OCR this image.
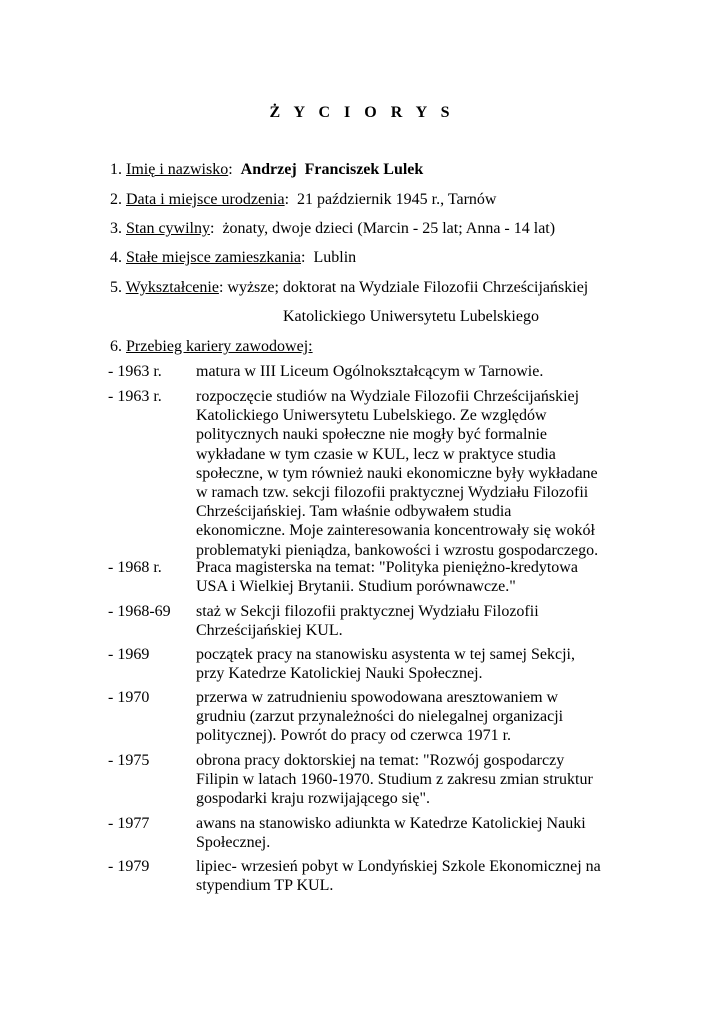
Ż Y C I O R Y S
1. Imię i nazwisko: Andrzej  Franciszek Lulek
2. Data i miejsce urodzenia: 21 październik 1945 r., Tarnów
3. Stan cywilny: żonaty, dwoje dzieci (Marcin - 25 lat; Anna - 14 lat)
4. Stałe miejsce zamieszkania: Lublin
5. Wykształcenie: wyższe; doktorat na Wydziale Filozofii Chrześcijańskiej
Katolickiego Uniwersytetu Lubelskiego
6. Przebieg kariery zawodowej:
- 1963 r. matura w III Liceum Ogólnokształcącym w Tarnowie.
- 1963 r. rozpoczęcie studiów na Wydziale Filozofii Chrześcijańskiej
Katolickiego Uniwersytetu Lubelskiego. Ze względów
politycznych nauki społeczne nie mogły być formalnie
wykładane w tym czasie w KUL, lecz w praktyce studia
społeczne, w tym również nauki ekonomiczne były wykładane
w ramach tzw. sekcji filozofii praktycznej Wydziału Filozofii
Chrześcijańskiej. Tam właśnie odbywałem studia
ekonomiczne. Moje zainteresowania koncentrowały się wokół
problematyki pieniądza, bankowości i wzrostu gospodarczego.
- 1968 r. Praca magisterska na temat: "Polityka pieniężno-kredytowa
USA i Wielkiej Brytanii. Studium porównawcze."
- 1968-69 staż w Sekcji filozofii praktycznej Wydziału Filozofii
Chrześcijańskiej KUL.
- 1969	początek pracy na stanowisku asystenta w tej samej Sekcji,
przy Katedrze Katolickiej Nauki Społecznej.
- 1970	przerwa w zatrudnieniu spowodowana aresztowaniem w
grudniu (zarzut przynależności do nielegalnej organizacji
politycznej). Powrót do pracy od czerwca 1971 r.
- 1975	obrona pracy doktorskiej na temat: "Rozwój gospodarczy
Filipin w latach 1960-1970. Studium z zakresu zmian struktur
gospodarki kraju rozwijającego się".
- 1977	awans na stanowisko adiunkta w Katedrze Katolickiej Nauki
Społecznej.
- 1979	lipiec- wrzesień pobyt w Londyńskiej Szkole Ekonomicznej na
stypendium TP KUL.
